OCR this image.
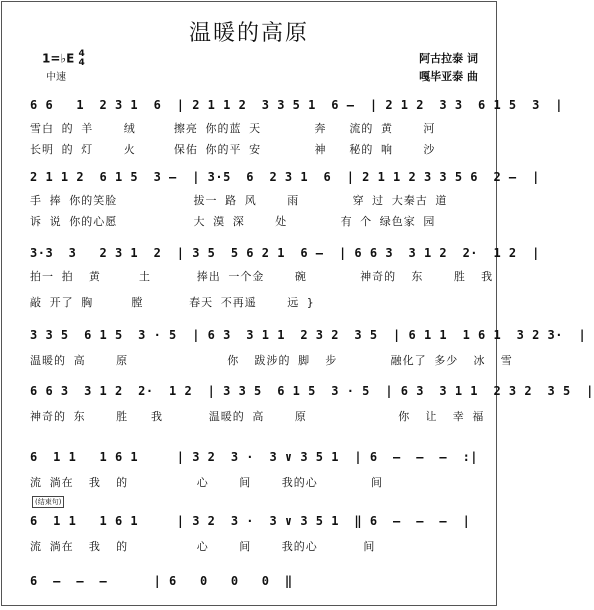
温暖的高原
1=♭E 4
4
中速
阿古拉泰 词
嘎毕亚泰 曲
6 6   1  2 3 1  6  | 2 1 1 2  3 3 5 1  6 –  | 2 1 2  3 3  6 1 5  3  |
雪白 的 羊    绒     擦亮 你的蓝 天       奔   流的 黄    河
长明 的 灯    火     保佑 你的平 安       神   秘的 响    沙
2 1 1 2  6 1 5  3 –  | 3·5  6  2 3 1  6  | 2 1 1 2 3 3 5 6  2 –  |
手 捧 你的笑脸          拔一 路 风    雨       穿 过 大秦古 道
诉 说 你的心愿          大 漠 深    处       有 个 绿色家 园
3·3  3   2 3 1  2  | 3 5  5 6 2 1  6 –  | 6 6 3  3 1 2  2·  1 2  |
拍一 拍  黄     土      捧出 一个金    碗       神奇的  东    胜  我
敲 开了 胸     膛      春天 不再遥    远 }
3 3 5  6 1 5  3 · 5  | 6 3  3 1 1  2 3 2  3 5  | 6 1 1  1 6 1  3 2 3·  |
温暖的 高    原             你  跋涉的 脚  步       融化了 多少  冰  雪
6 6 3  3 1 2  2·  1 2  | 3 3 5  6 1 5  3 · 5  | 6 3  3 1 1  2 3 2  3 5  |
神奇的 东    胜   我      温暖的 高    原            你  让  幸 福
6  1 1   1 6 1     | 3 2  3 ·  3 ∨ 3 5 1  | 6  –  –  –  :|
流 淌在  我  的         心    间    我的心       间
(结束句)
6  1 1   1 6 1     | 3 2  3 ·  3 ∨ 3 5 1  ‖ 6  –  –  –  |
流 淌在  我  的         心    间    我的心      间
6  –  –  –      | 6   0   0   0  ‖
